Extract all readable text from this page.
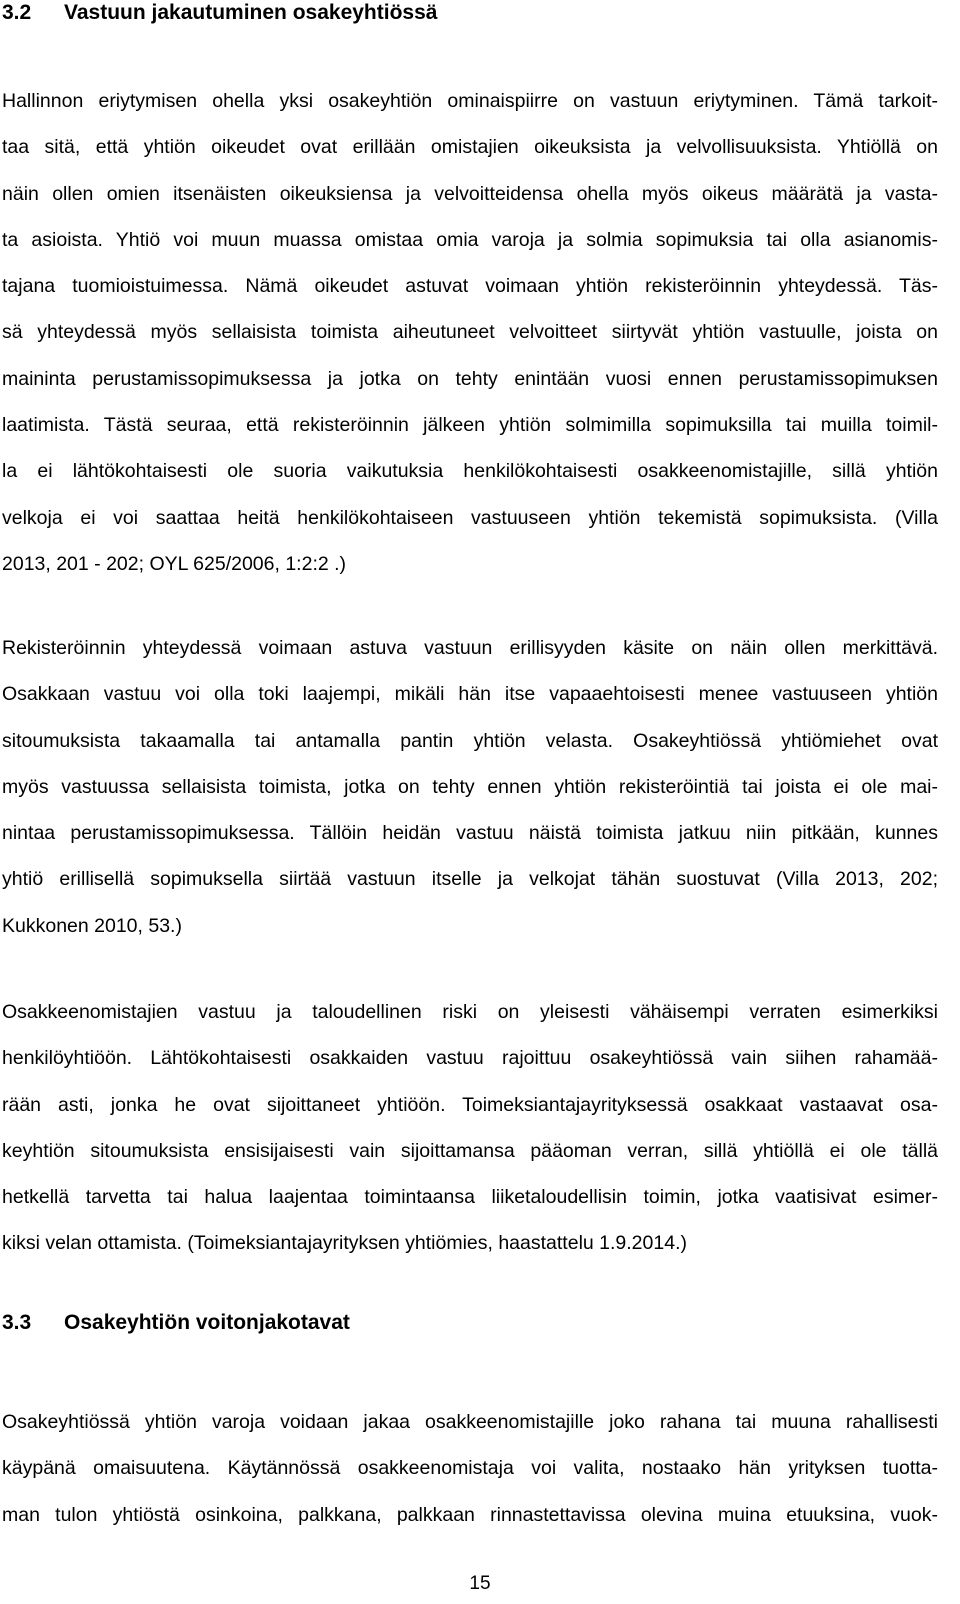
3.2 Vastuun jakautuminen osakeyhtiössä
Hallinnon eriytymisen ohella yksi osakeyhtiön ominaispiirre on vastuun eriytyminen. Tämä tarkoit-
taa sitä, että yhtiön oikeudet ovat erillään omistajien oikeuksista ja velvollisuuksista. Yhtiöllä on
näin ollen omien itsenäisten oikeuksiensa ja velvoitteidensa ohella myös oikeus määrätä ja vasta-
ta asioista. Yhtiö voi muun muassa omistaa omia varoja ja solmia sopimuksia tai olla asianomis-
tajana tuomioistuimessa. Nämä oikeudet astuvat voimaan yhtiön rekisteröinnin yhteydessä. Täs-
sä yhteydessä myös sellaisista toimista aiheutuneet velvoitteet siirtyvät yhtiön vastuulle, joista on
maininta perustamissopimuksessa ja jotka on tehty enintään vuosi ennen perustamissopimuksen
laatimista. Tästä seuraa, että rekisteröinnin jälkeen yhtiön solmimilla sopimuksilla tai muilla toimil-
la ei lähtökohtaisesti ole suoria vaikutuksia henkilökohtaisesti osakkeenomistajille, sillä yhtiön
velkoja ei voi saattaa heitä henkilökohtaiseen vastuuseen yhtiön tekemistä sopimuksista. (Villa
2013, 201 - 202; OYL 625/2006, 1:2:2 .)
Rekisteröinnin yhteydessä voimaan astuva vastuun erillisyyden käsite on näin ollen merkittävä.
Osakkaan vastuu voi olla toki laajempi, mikäli hän itse vapaaehtoisesti menee vastuuseen yhtiön
sitoumuksista takaamalla tai antamalla pantin yhtiön velasta. Osakeyhtiössä yhtiömiehet ovat
myös vastuussa sellaisista toimista, jotka on tehty ennen yhtiön rekisteröintiä tai joista ei ole mai-
nintaa perustamissopimuksessa. Tällöin heidän vastuu näistä toimista jatkuu niin pitkään, kunnes
yhtiö erillisellä sopimuksella siirtää vastuun itselle ja velkojat tähän suostuvat (Villa 2013, 202;
Kukkonen 2010, 53.)
Osakkeenomistajien vastuu ja taloudellinen riski on yleisesti vähäisempi verraten esimerkiksi
henkilöyhtiöön. Lähtökohtaisesti osakkaiden vastuu rajoittuu osakeyhtiössä vain siihen rahamää-
rään asti, jonka he ovat sijoittaneet yhtiöön. Toimeksiantajayrityksessä osakkaat vastaavat osa-
keyhtiön sitoumuksista ensisijaisesti vain sijoittamansa pääoman verran, sillä yhtiöllä ei ole tällä
hetkellä tarvetta tai halua laajentaa toimintaansa liiketaloudellisin toimin, jotka vaatisivat esimer-
kiksi velan ottamista. (Toimeksiantajayrityksen yhtiömies, haastattelu 1.9.2014.)
3.3 Osakeyhtiön voitonjakotavat
Osakeyhtiössä yhtiön varoja voidaan jakaa osakkeenomistajille joko rahana tai muuna rahallisesti
käypänä omaisuutena. Käytännössä osakkeenomistaja voi valita, nostaako hän yrityksen tuotta-
man tulon yhtiöstä osinkoina, palkkana, palkkaan rinnastettavissa olevina muina etuuksina, vuok-
15
